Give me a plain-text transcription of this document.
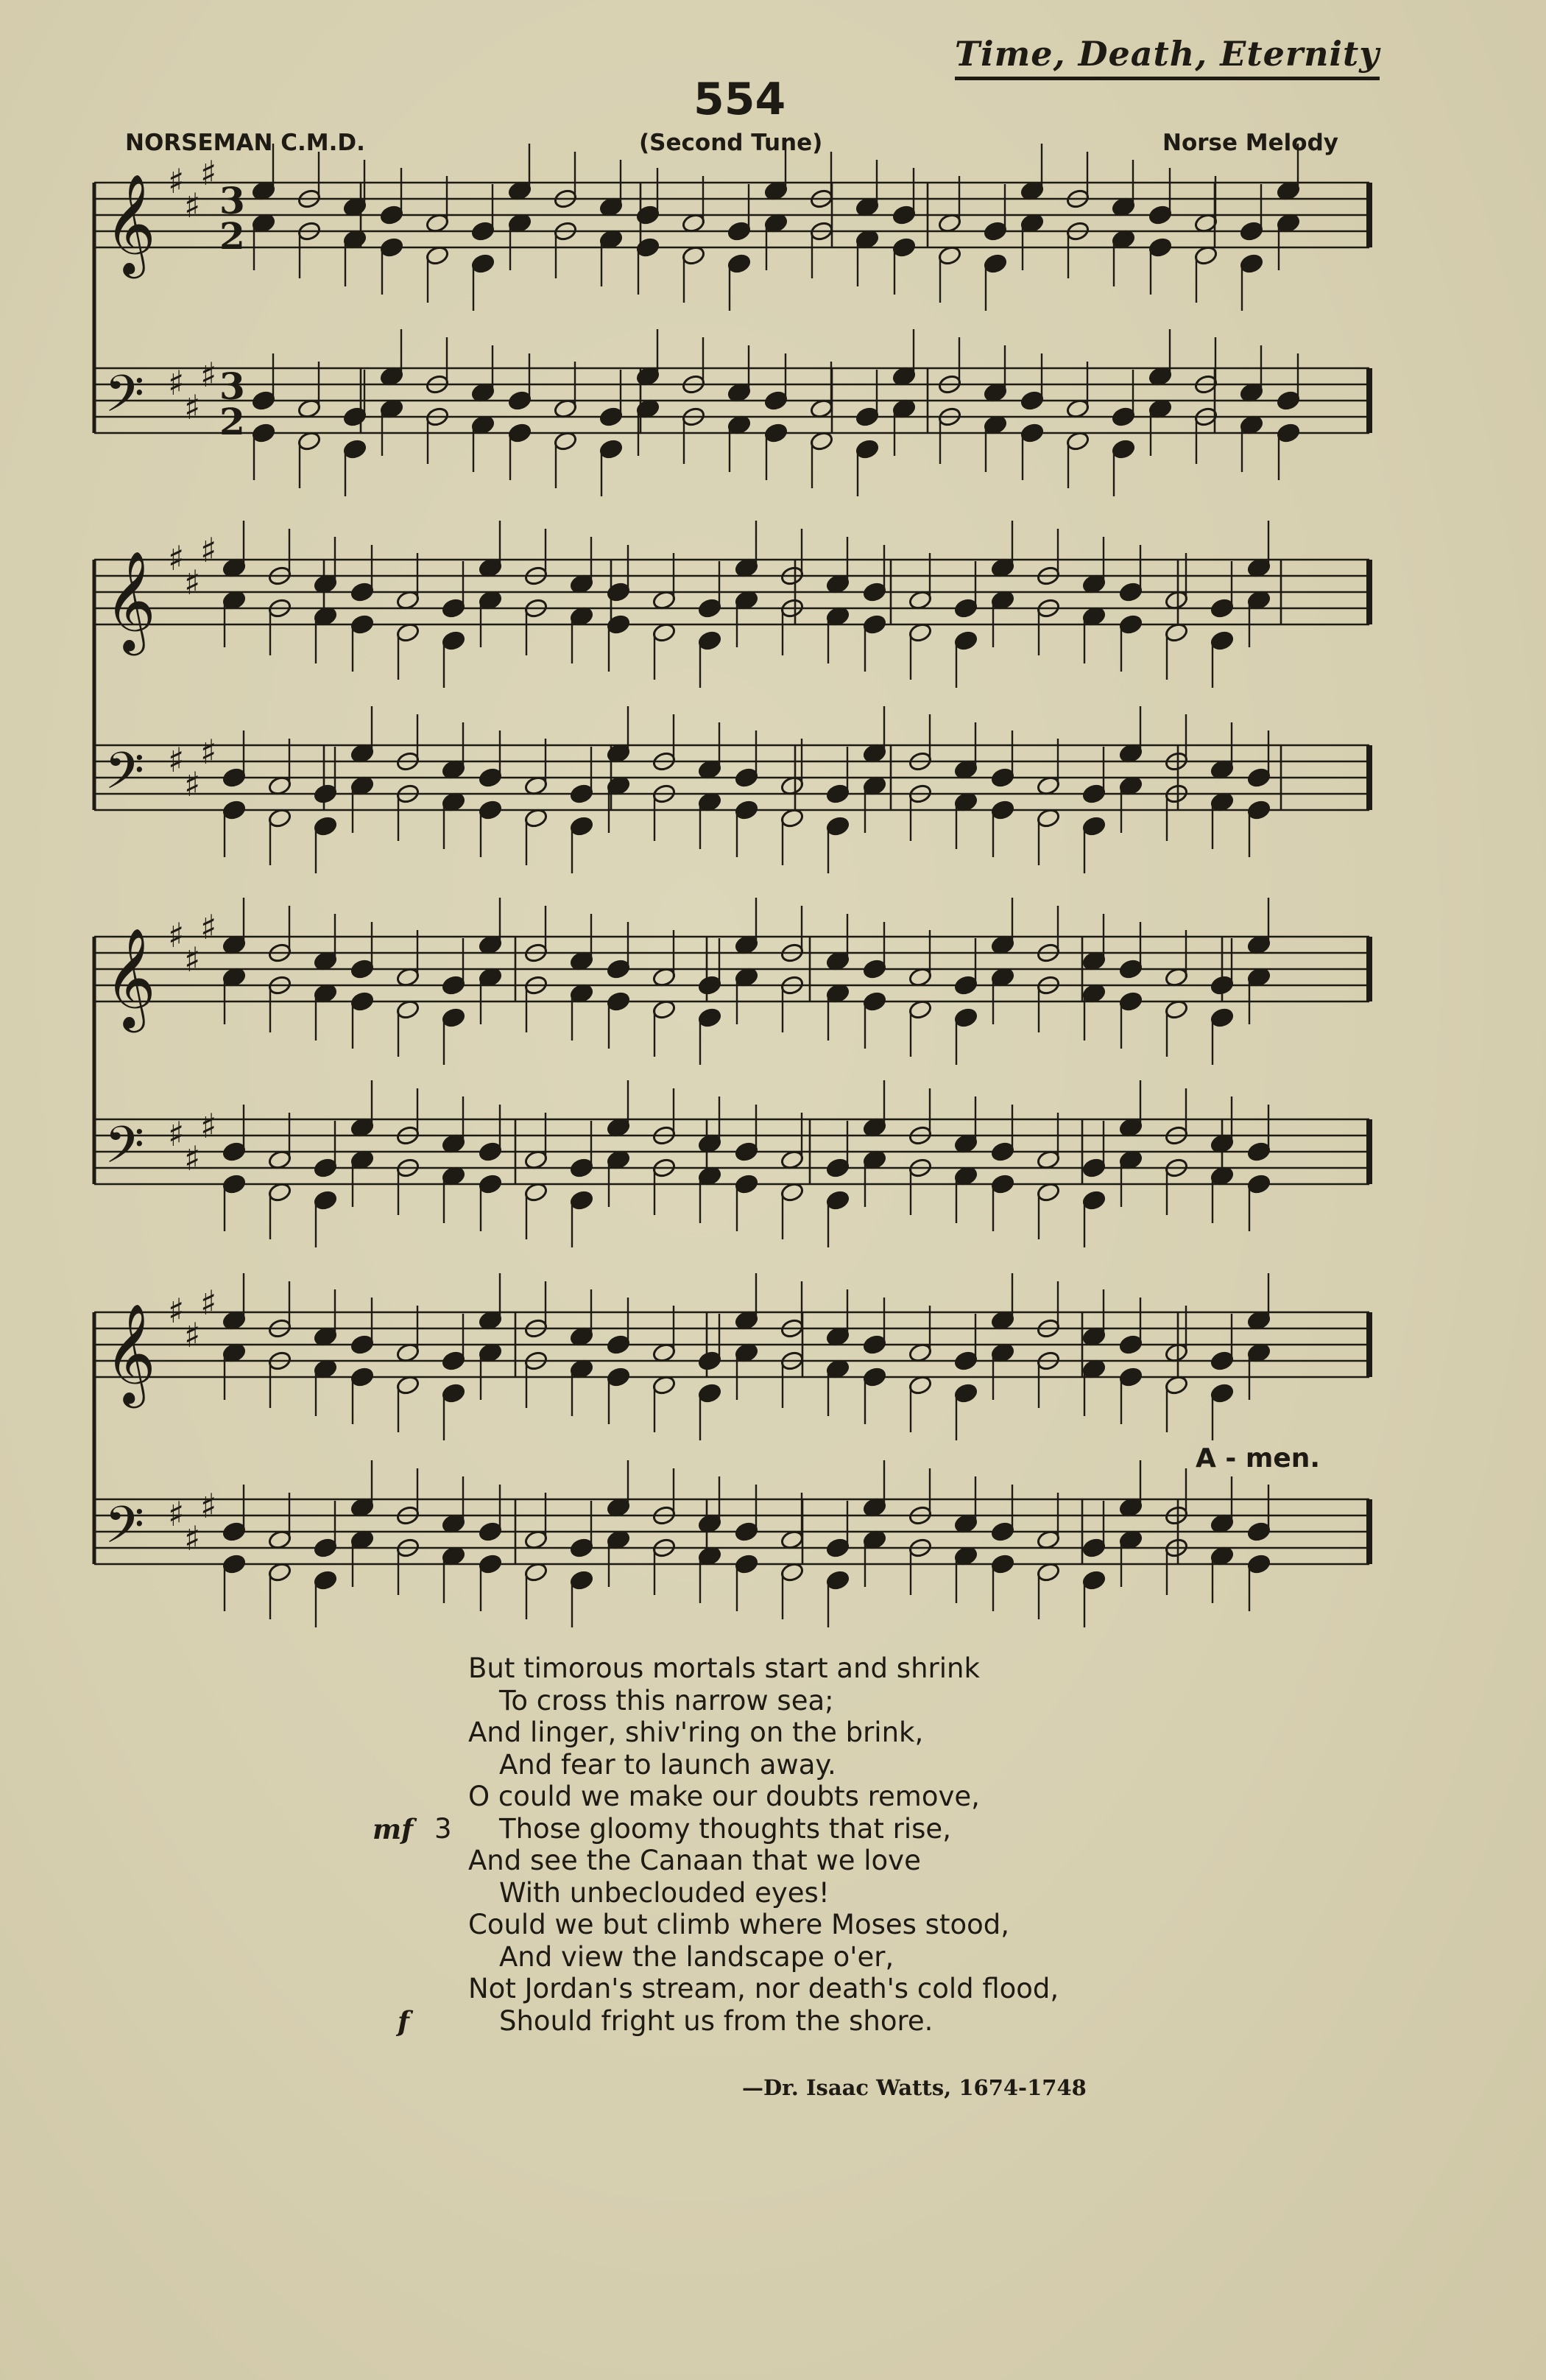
Time, Death, Eternity
554
NORSEMAN C.M.D.	(Second Tune)	Norse Melody
𝄞 ♯
♯
♯
𝄢 ♯
♯
♯
3
2
3
2
𝄞 ♯
♯
♯
𝄢 ♯
♯
♯
𝄞 ♯
♯
♯
𝄢 ♯
♯
♯
𝄞 ♯
♯
♯
𝄢 ♯
♯
♯
A - men.
But timorous mortals start and shrink
To cross this narrow sea;
And linger, shiv'ring on the brink,
And fear to launch away.
O could we make our doubts remove,
Those gloomy thoughts that rise,
And see the Canaan that we love
With unbeclouded eyes!
Could we but climb where Moses stood,
And view the landscape o'er,
Not Jordan's stream, nor death's cold flood,
Should fright us from the shore.
mf 3
f
—Dr. Isaac Watts, 1674-1748
